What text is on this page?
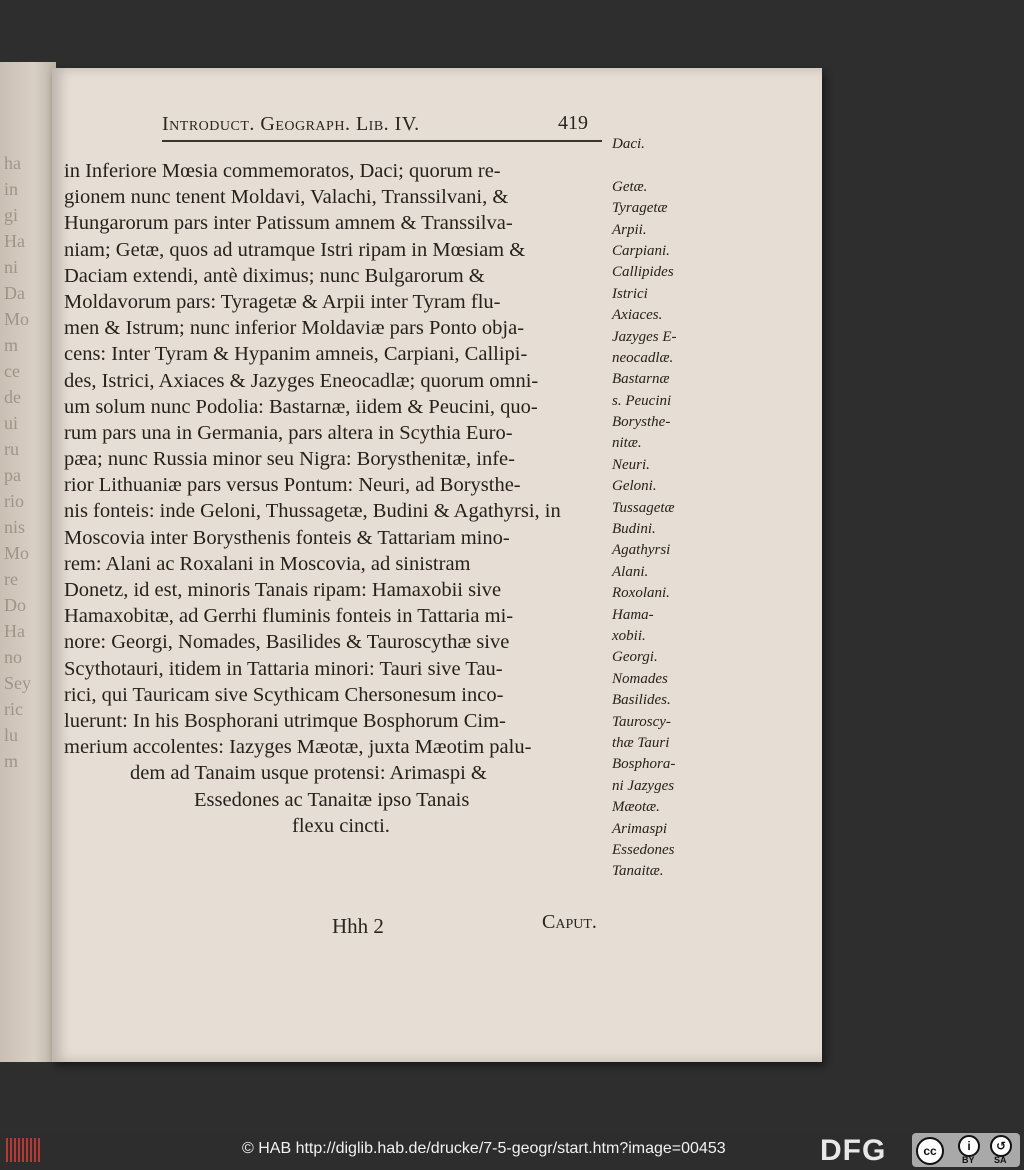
ha
in
gi
Ha
ni
Da
Mo
m
ce
de
ui
ru
pa
rio
nis
Mo
re
Do
Ha
no
Sey
ric
lu
m
Introduct. Geograph. Lib. IV.	419
in Inferiore Mœsia commemoratos, Daci; quorum re-
gionem nunc tenent Moldavi, Valachi, Transsilvani, &
Hungarorum pars inter Patissum amnem & Transsilva-
niam; Getæ, quos ad utramque Istri ripam in Mœsiam &
Daciam extendi, antè diximus; nunc Bulgarorum &
Moldavorum pars: Tyragetæ & Arpii inter Tyram flu-
men & Istrum; nunc inferior Moldaviæ pars Ponto obja-
cens: Inter Tyram & Hypanim amneis, Carpiani, Callipi-
des, Istrici, Axiaces & Jazyges Eneocadlæ; quorum omni-
um solum nunc Podolia: Bastarnæ, iidem & Peucini, quo-
rum pars una in Germania, pars altera in Scythia Euro-
pæa; nunc Russia minor seu Nigra: Borysthenitæ, infe-
rior Lithuaniæ pars versus Pontum: Neuri, ad Borysthe-
nis fonteis: inde Geloni, Thussagetæ, Budini & Agathyrsi, in
Moscovia inter Borysthenis fonteis & Tattariam mino-
rem: Alani ac Roxalani in Moscovia, ad sinistram
Donetz, id est, minoris Tanais ripam: Hamaxobii sive
Hamaxobitæ, ad Gerrhi fluminis fonteis in Tattaria mi-
nore: Georgi, Nomades, Basilides & Tauroscythæ sive
Scythotauri, itidem in Tattaria minori: Tauri sive Tau-
rici, qui Tauricam sive Scythicam Chersonesum inco-
luerunt: In his Bosphorani utrimque Bosphorum Cim-
merium accolentes: Iazyges Mæotæ, juxta Mæotim palu-
dem ad Tanaim usque protensi: Arimaspi &
Essedones ac Tanaitæ ipso Tanais
flexu cincti.
Daci.
Getæ.
Tyragetæ
Arpii.
Carpiani.
Callipides
Istrici
Axiaces.
Jazyges E-
neocadlæ.
Bastarnæ
s. Peucini
Borysthe-
nitæ.
Neuri.
Geloni.
Tussagetæ
Budini.
Agathyrsi
Alani.
Roxolani.
Hama-
xobii.
Georgi.
Nomades
Basilides.
Tauroscy-
thæ Tauri
Bosphora-
ni Jazyges
Mæotæ.
Arimaspi
Essedones
Tanaitæ.
Hhh 2	Caput.
© HAB http://diglib.hab.de/drucke/7-5-geogr/start.htm?image=00453	DFG	cc	i	↺
BY SA
